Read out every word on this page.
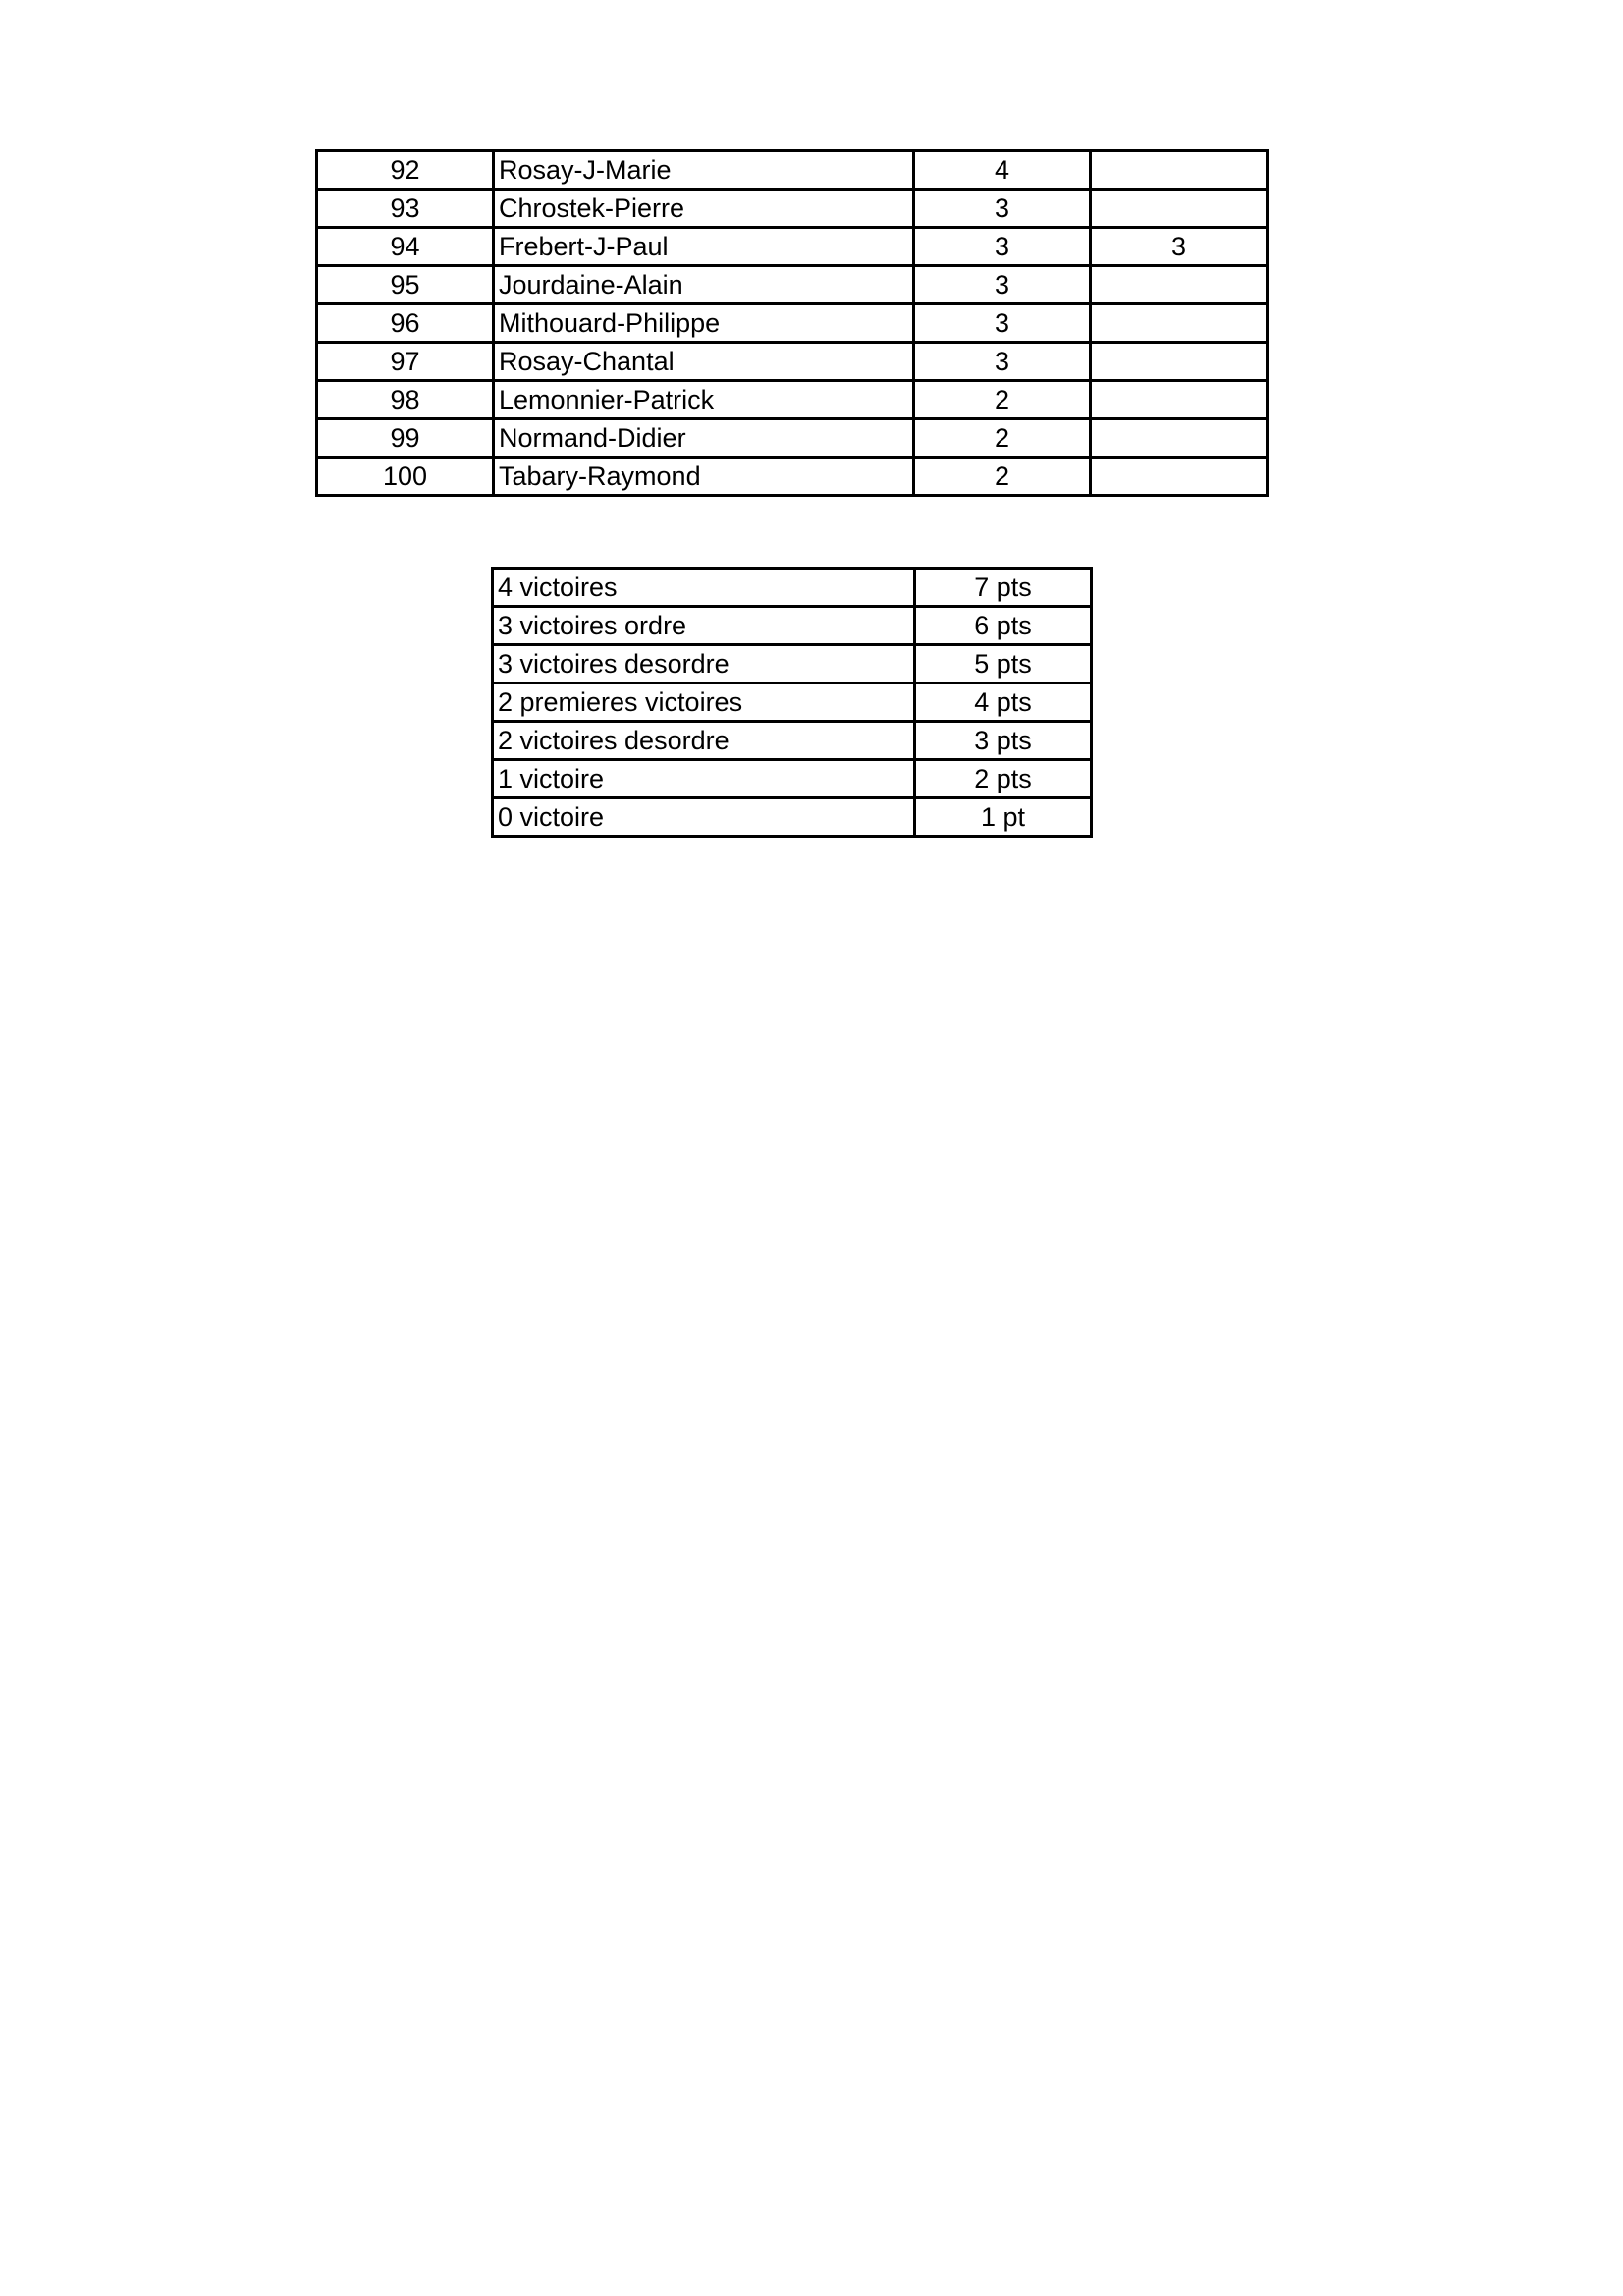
92	Rosay-J-Marie	4	
93	Chrostek-Pierre	3	
94	Frebert-J-Paul	3	3
95	Jourdaine-Alain	3	
96	Mithouard-Philippe	3	
97	Rosay-Chantal	3	
98	Lemonnier-Patrick	2	
99	Normand-Didier	2	
100	Tabary-Raymond	2	
4 victoires	7 pts
3 victoires ordre	6 pts
3 victoires desordre	5 pts
2 premieres victoires	4 pts
2 victoires desordre	3 pts
1 victoire	2 pts
0 victoire	1 pt
